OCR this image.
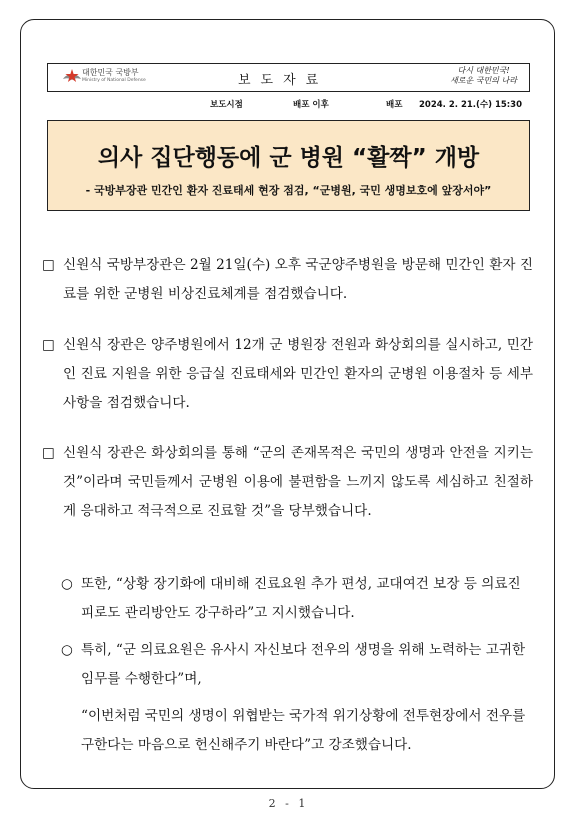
대한민국 국방부
Ministry of National Defense	보도자료
다시 대한민국!
새로운 국민의 나라
보도시점	배포 이후	배포 2024. 2. 21.(수) 15:30
의사 집단행동에 군 병원 “활짝” 개방
- 국방부장관 민간인 환자 진료태세 현장 점검, “군병원, 국민 생명보호에 앞장서야”
□ 신원식 국방부장관은 2월 21일(수) 오후 국군양주병원을 방문해 민간인 환자 진료를 위한 군병원 비상진료체계를 점검했습니다.
□ 신원식 장관은 양주병원에서 12개 군 병원장 전원과 화상회의를 실시하고, 민간인 진료 지원을 위한 응급실 진료태세와 민간인 환자의 군병원 이용절차 등 세부사항을 점검했습니다.
□ 신원식 장관은 화상회의를 통해 “군의 존재목적은 국민의 생명과 안전을 지키는 것”이라며 국민들께서 군병원 이용에 불편함을 느끼지 않도록 세심하고 친절하게 응대하고 적극적으로 진료할 것”을 당부했습니다.
○ 또한, “상황 장기화에 대비해 진료요원 추가 편성, 교대여건 보장 등 의료진 피로도 관리방안도 강구하라”고 지시했습니다.
○ 특히, “군 의료요원은 유사시 자신보다 전우의 생명을 위해 노력하는 고귀한 임무를 수행한다”며,
“이번처럼 국민의 생명이 위협받는 국가적 위기상황에 전투현장에서 전우를 구한다는 마음으로 헌신해주기 바란다”고 강조했습니다.
2 - 1
